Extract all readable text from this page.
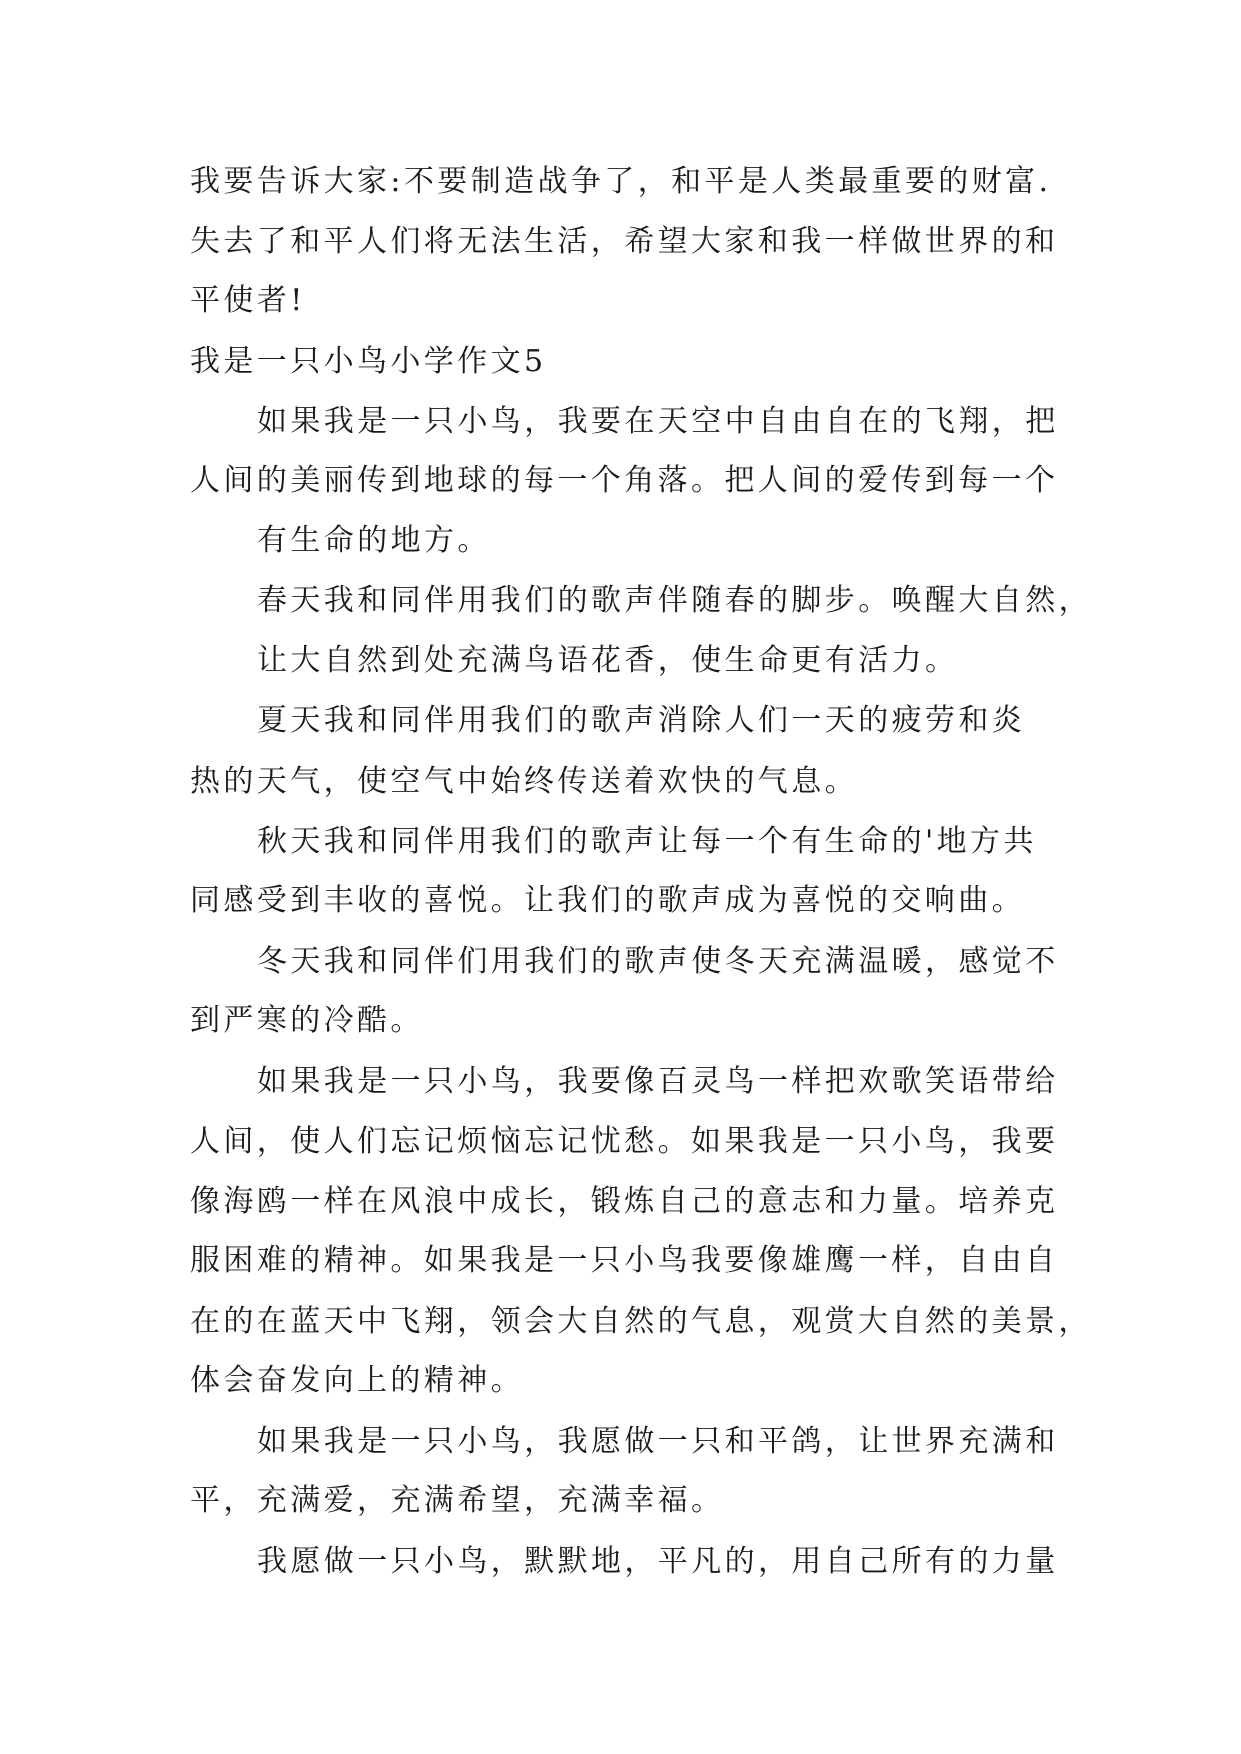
我要告诉大家:不要制造战争了，和平是人类最重要的财富.
失去了和平人们将无法生活，希望大家和我一样做世界的和
平使者!
我是一只小鸟小学作文5
如果我是一只小鸟，我要在天空中自由自在的飞翔，把
人间的美丽传到地球的每一个角落。把人间的爱传到每一个
有生命的地方。
春天我和同伴用我们的歌声伴随春的脚步。唤醒大自然，
让大自然到处充满鸟语花香，使生命更有活力。
夏天我和同伴用我们的歌声消除人们一天的疲劳和炎
热的天气，使空气中始终传送着欢快的气息。
秋天我和同伴用我们的歌声让每一个有生命的'地方共
同感受到丰收的喜悦。让我们的歌声成为喜悦的交响曲。
冬天我和同伴们用我们的歌声使冬天充满温暖，感觉不
到严寒的冷酷。
如果我是一只小鸟，我要像百灵鸟一样把欢歌笑语带给
人间，使人们忘记烦恼忘记忧愁。如果我是一只小鸟，我要
像海鸥一样在风浪中成长，锻炼自己的意志和力量。培养克
服困难的精神。如果我是一只小鸟我要像雄鹰一样，自由自
在的在蓝天中飞翔，领会大自然的气息，观赏大自然的美景，
体会奋发向上的精神。
如果我是一只小鸟，我愿做一只和平鸽，让世界充满和
平，充满爱，充满希望，充满幸福。
我愿做一只小鸟，默默地，平凡的，用自己所有的力量
